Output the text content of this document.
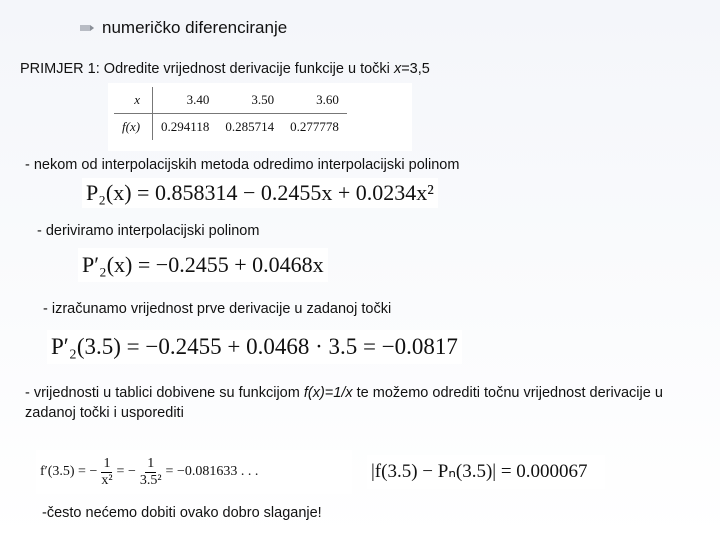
numeričko diferenciranje
PRIMJER 1: Odredite vrijednost derivacije funkcije u točki x=3,5
x	3.40	3.50	3.60
f(x)	0.294118	0.285714	0.277778
- nekom od interpolacijskih metoda odredimo interpolacijski polinom
P₂(x) = 0.858314 − 0.2455x + 0.0234x²
- deriviramo interpolacijski polinom
P′₂(x) = −0.2455 + 0.0468x
- izračunamo vrijednost prve derivacije u zadanoj točki
P′₂(3.5) = −0.2455 + 0.0468 · 3.5 = −0.0817
- vrijednosti u tablici dobivene su funkcijom f(x)=1/x te možemo odrediti točnu vrijednost derivacije u zadanoj točki i usporediti
f′(3.5) = − $\frac{1}{\text{x²}}$ = − $\frac{1}{\text{3.5²}} = -0.081633$ . . .	|f(3.5) − Pₙ(3.5)| = 0.000067
-često nećemo dobiti ovako dobro slaganje!
